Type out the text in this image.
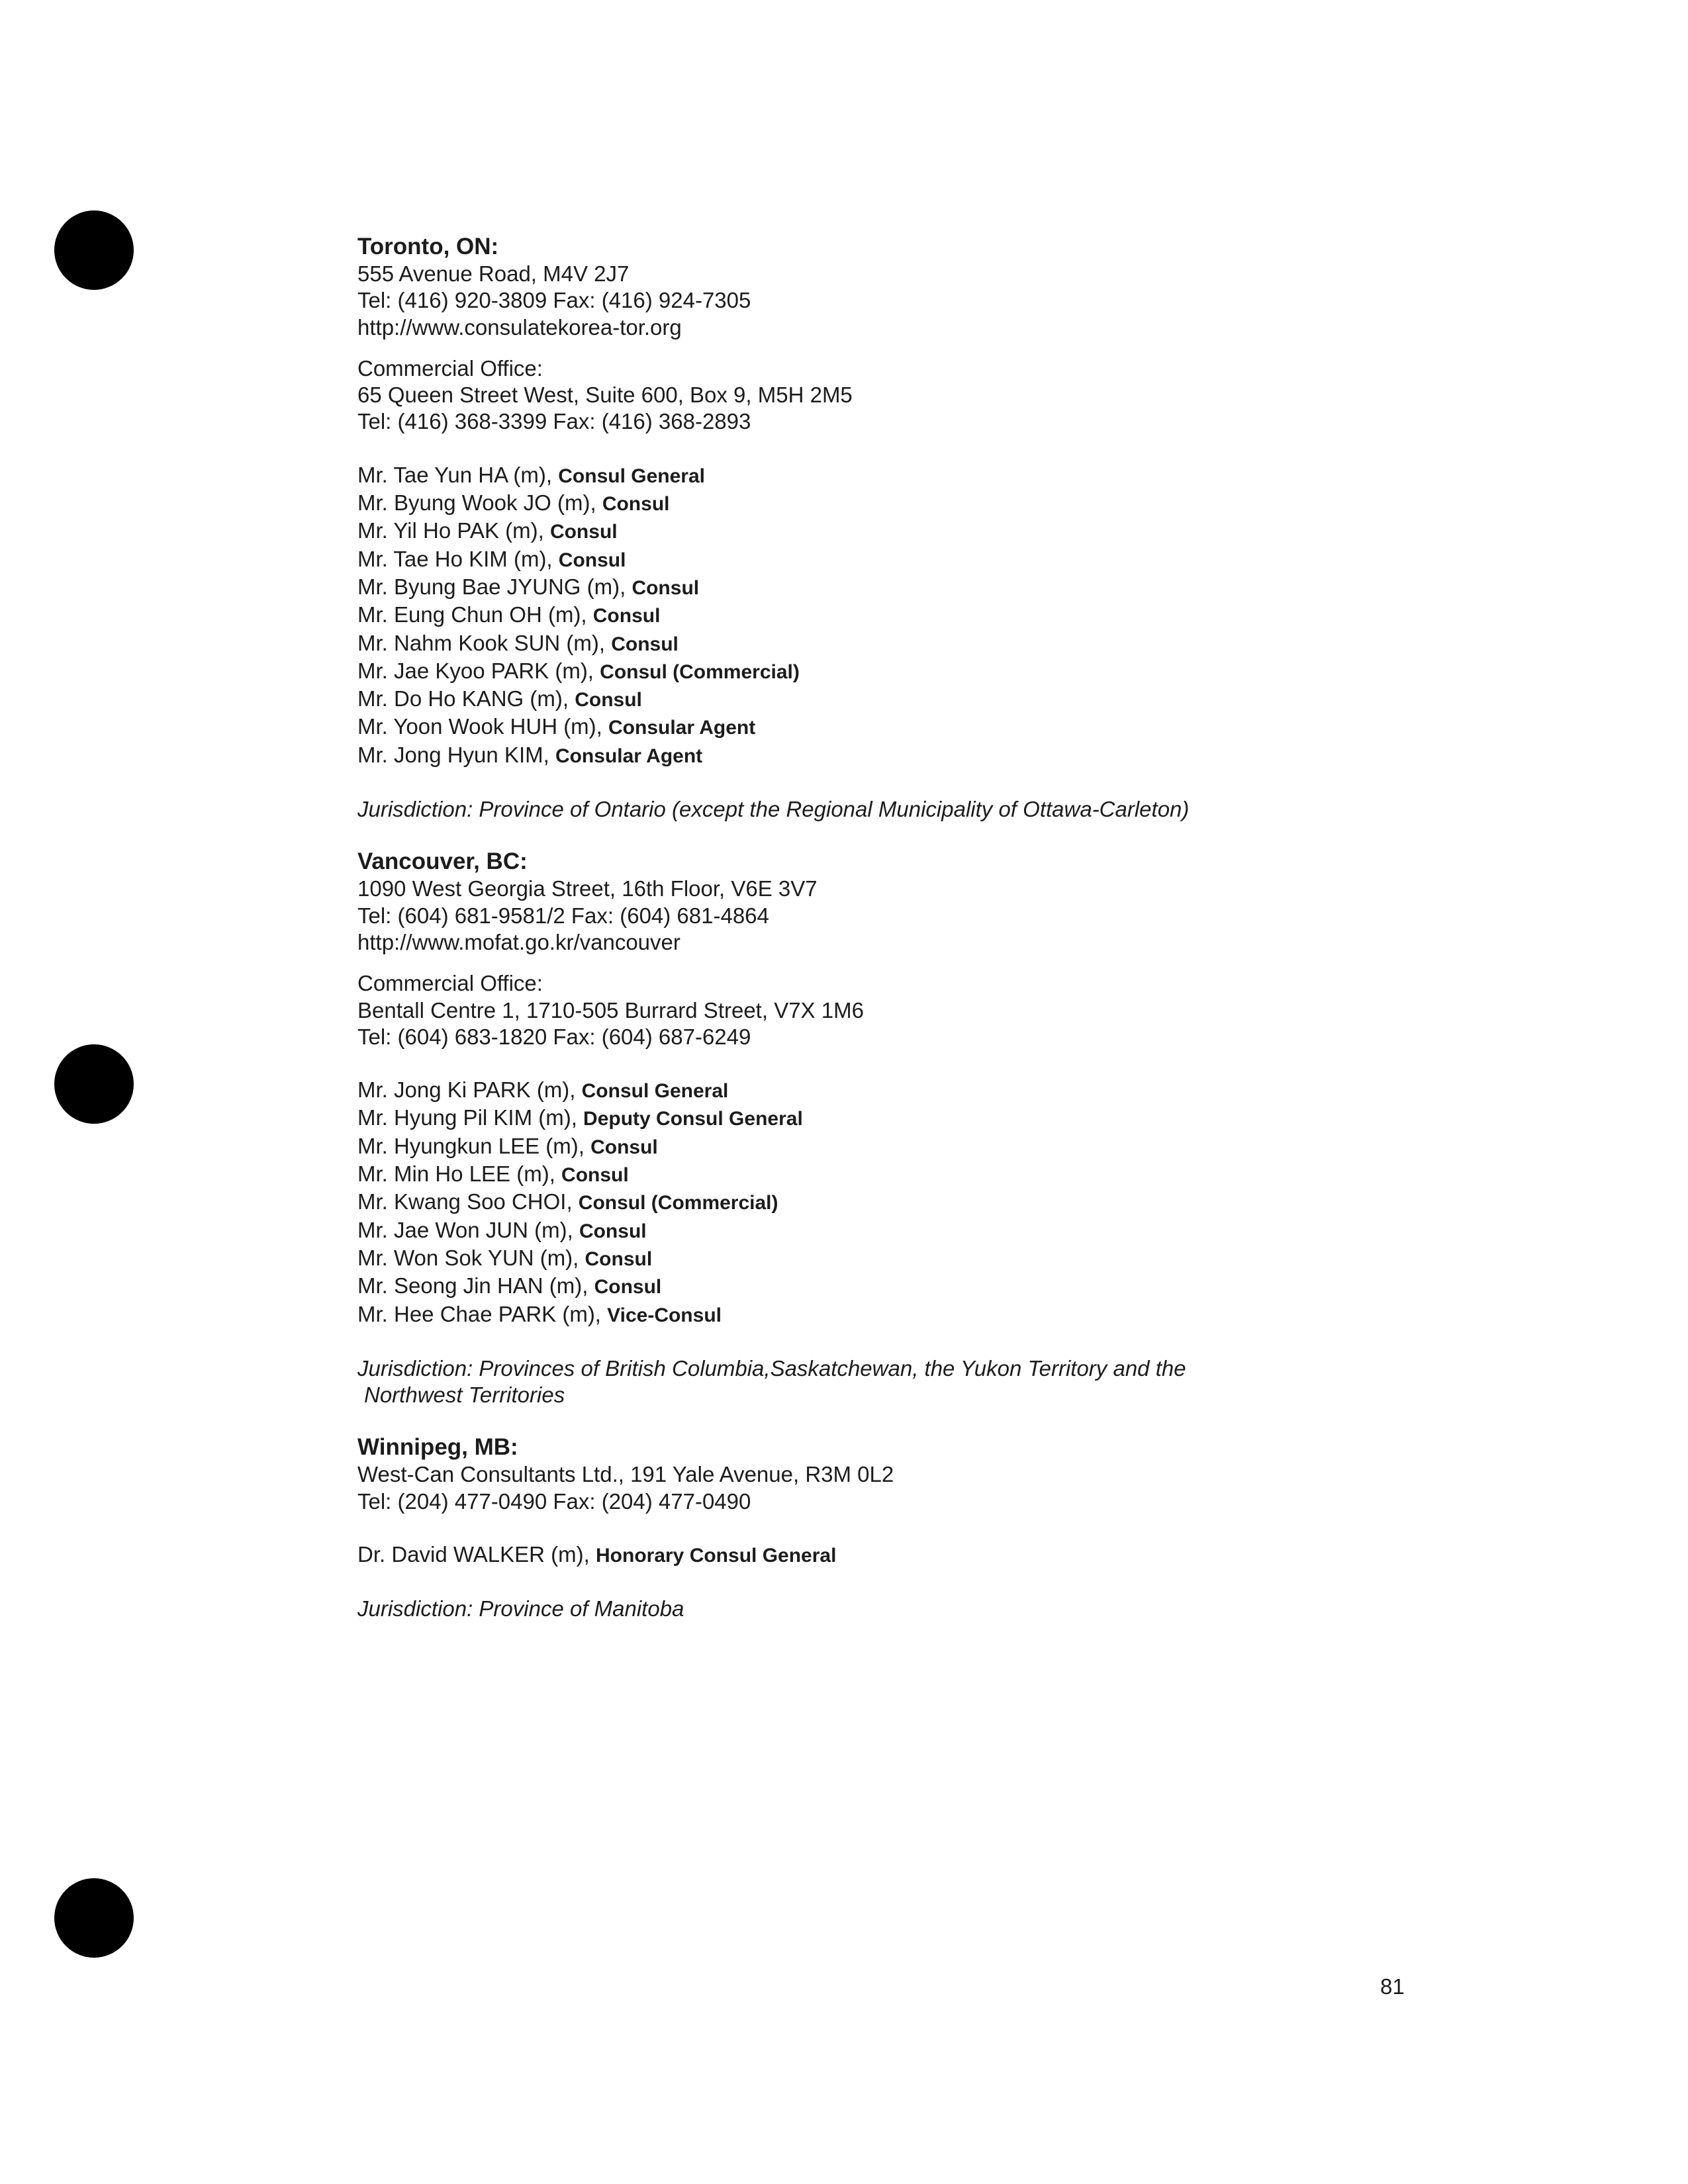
Toronto, ON:
555 Avenue Road, M4V 2J7
Tel: (416) 920-3809 Fax: (416) 924-7305
http://www.consulatekorea-tor.org
Commercial Office:
65 Queen Street West, Suite 600, Box 9, M5H 2M5
Tel: (416) 368-3399 Fax: (416) 368-2893
Mr. Tae Yun HA (m), Consul General
Mr. Byung Wook JO (m), Consul
Mr. Yil Ho PAK (m), Consul
Mr. Tae Ho KIM (m), Consul
Mr. Byung Bae JYUNG (m), Consul
Mr. Eung Chun OH (m), Consul
Mr. Nahm Kook SUN (m), Consul
Mr. Jae Kyoo PARK (m), Consul (Commercial)
Mr. Do Ho KANG (m), Consul
Mr. Yoon Wook HUH (m), Consular Agent
Mr. Jong Hyun KIM, Consular Agent
Jurisdiction: Province of Ontario (except the Regional Municipality of Ottawa-Carleton)
Vancouver, BC:
1090 West Georgia Street, 16th Floor, V6E 3V7
Tel: (604) 681-9581/2 Fax: (604) 681-4864
http://www.mofat.go.kr/vancouver
Commercial Office:
Bentall Centre 1, 1710-505 Burrard Street, V7X 1M6
Tel: (604) 683-1820 Fax: (604) 687-6249
Mr. Jong Ki PARK (m), Consul General
Mr. Hyung Pil KIM (m), Deputy Consul General
Mr. Hyungkun LEE (m), Consul
Mr. Min Ho LEE (m), Consul
Mr. Kwang Soo CHOI, Consul (Commercial)
Mr. Jae Won JUN (m), Consul
Mr. Won Sok YUN (m), Consul
Mr. Seong Jin HAN (m), Consul
Mr. Hee Chae PARK (m), Vice-Consul
Jurisdiction: Provinces of British Columbia,Saskatchewan, the Yukon Territory and the
Northwest Territories
Winnipeg, MB:
West-Can Consultants Ltd., 191 Yale Avenue, R3M 0L2
Tel: (204) 477-0490 Fax: (204) 477-0490
Dr. David WALKER (m), Honorary Consul General
Jurisdiction: Province of Manitoba
81
